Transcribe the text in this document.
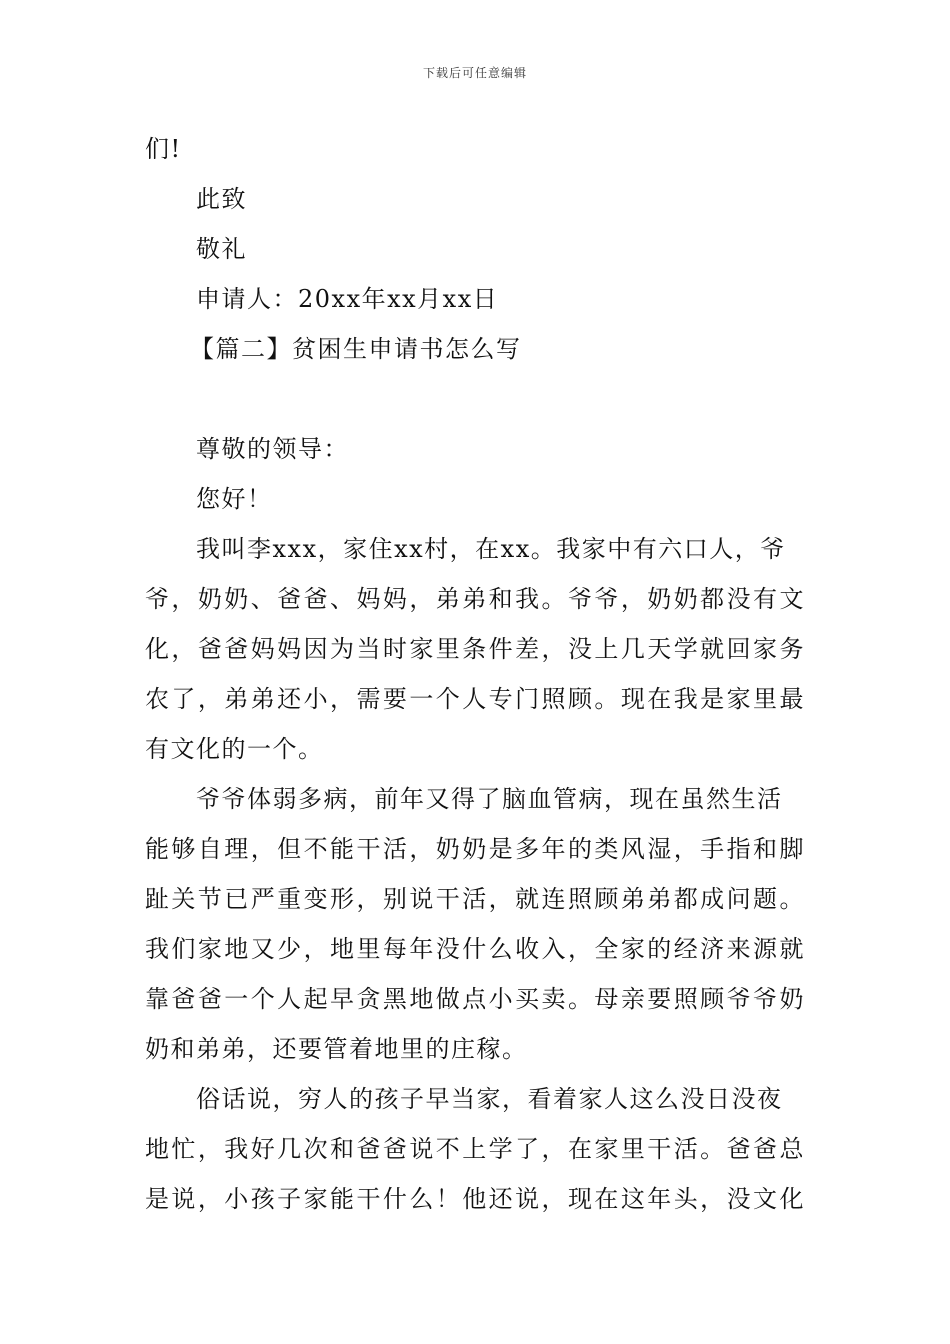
下载后可任意编辑
们!
此致
敬礼
申请人：20xx年xx月xx日
【篇二】贫困生申请书怎么写
尊敬的领导：
您好！
我叫李xxx，家住xx村，在xx。我家中有六口人，爷
爷，奶奶、爸爸、妈妈，弟弟和我。爷爷，奶奶都没有文
化，爸爸妈妈因为当时家里条件差，没上几天学就回家务
农了，弟弟还小，需要一个人专门照顾。现在我是家里最
有文化的一个。
爷爷体弱多病，前年又得了脑血管病，现在虽然生活
能够自理，但不能干活，奶奶是多年的类风湿，手指和脚
趾关节已严重变形，别说干活，就连照顾弟弟都成问题。
我们家地又少，地里每年没什么收入，全家的经济来源就
靠爸爸一个人起早贪黑地做点小买卖。母亲要照顾爷爷奶
奶和弟弟，还要管着地里的庄稼。
俗话说，穷人的孩子早当家，看着家人这么没日没夜
地忙，我好几次和爸爸说不上学了，在家里干活。爸爸总
是说，小孩子家能干什么！他还说，现在这年头，没文化
